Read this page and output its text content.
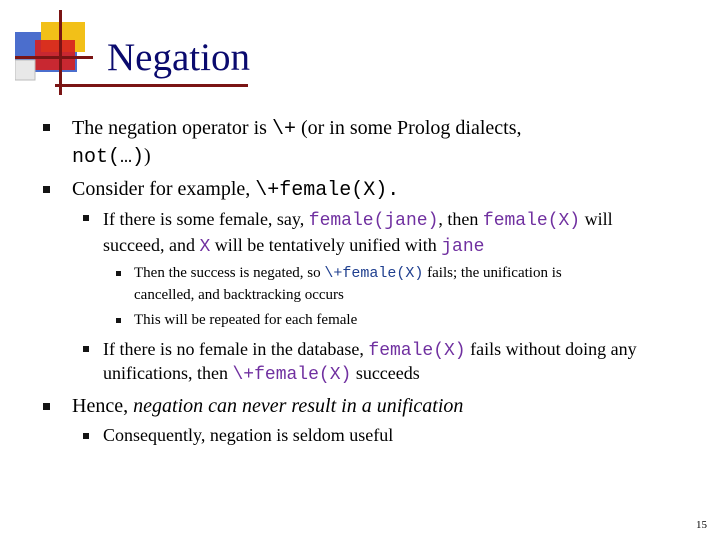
Negation
The negation operator is \+ (or in some Prolog dialects,
not(…))
Consider for example, \+female(X).
If there is some female, say, female(jane), then female(X) will
succeed, and X will be tentatively unified with jane
Then the success is negated, so \+female(X) fails; the unification is
cancelled, and backtracking occurs
This will be repeated for each female
If there is no female in the database, female(X) fails without doing any
unifications, then \+female(X) succeeds
Hence, negation can never result in a unification
Consequently, negation is seldom useful
15
